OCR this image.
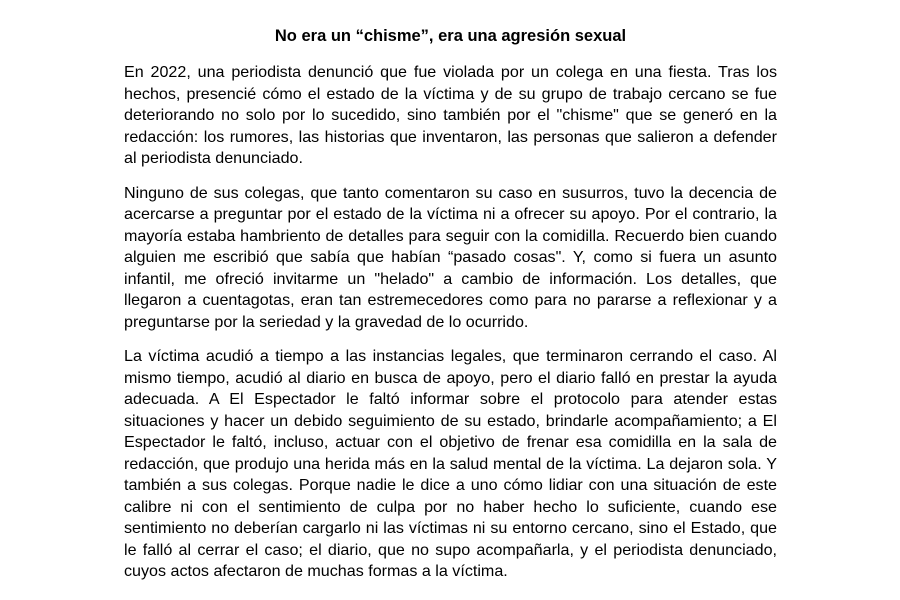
No era un “chisme”, era una agresión sexual

En 2022, una periodista denunció que fue violada por un colega en una fiesta. Tras los hechos, presencié cómo el estado de la víctima y de su grupo de trabajo cercano se fue deteriorando no solo por lo sucedido, sino también por el "chisme" que se generó en la redacción: los rumores, las historias que inventaron, las personas que salieron a defender al periodista denunciado.

Ninguno de sus colegas, que tanto comentaron su caso en susurros, tuvo la decencia de acercarse a preguntar por el estado de la víctima ni a ofrecer su apoyo. Por el contrario, la mayoría estaba hambriento de detalles para seguir con la comidilla. Recuerdo bien cuando alguien me escribió que sabía que habían “pasado cosas". Y, como si fuera un asunto infantil, me ofreció invitarme un "helado" a cambio de información. Los detalles, que llegaron a cuentagotas, eran tan estremecedores como para no pararse a reflexionar y a preguntarse por la seriedad y la gravedad de lo ocurrido.

La víctima acudió a tiempo a las instancias legales, que terminaron cerrando el caso. Al mismo tiempo, acudió al diario en busca de apoyo, pero el diario falló en prestar la ayuda adecuada. A El Espectador le faltó informar sobre el protocolo para atender estas situaciones y hacer un debido seguimiento de su estado, brindarle acompañamiento; a El Espectador le faltó, incluso, actuar con el objetivo de frenar esa comidilla en la sala de redacción, que produjo una herida más en la salud mental de la víctima. La dejaron sola. Y también a sus colegas. Porque nadie le dice a uno cómo lidiar con una situación de este calibre ni con el sentimiento de culpa por no haber hecho lo suficiente, cuando ese sentimiento no deberían cargarlo ni las víctimas ni su entorno cercano, sino el Estado, que le falló al cerrar el caso; el diario, que no supo acompañarla, y el periodista denunciado, cuyos actos afectaron de muchas formas a la víctima.
